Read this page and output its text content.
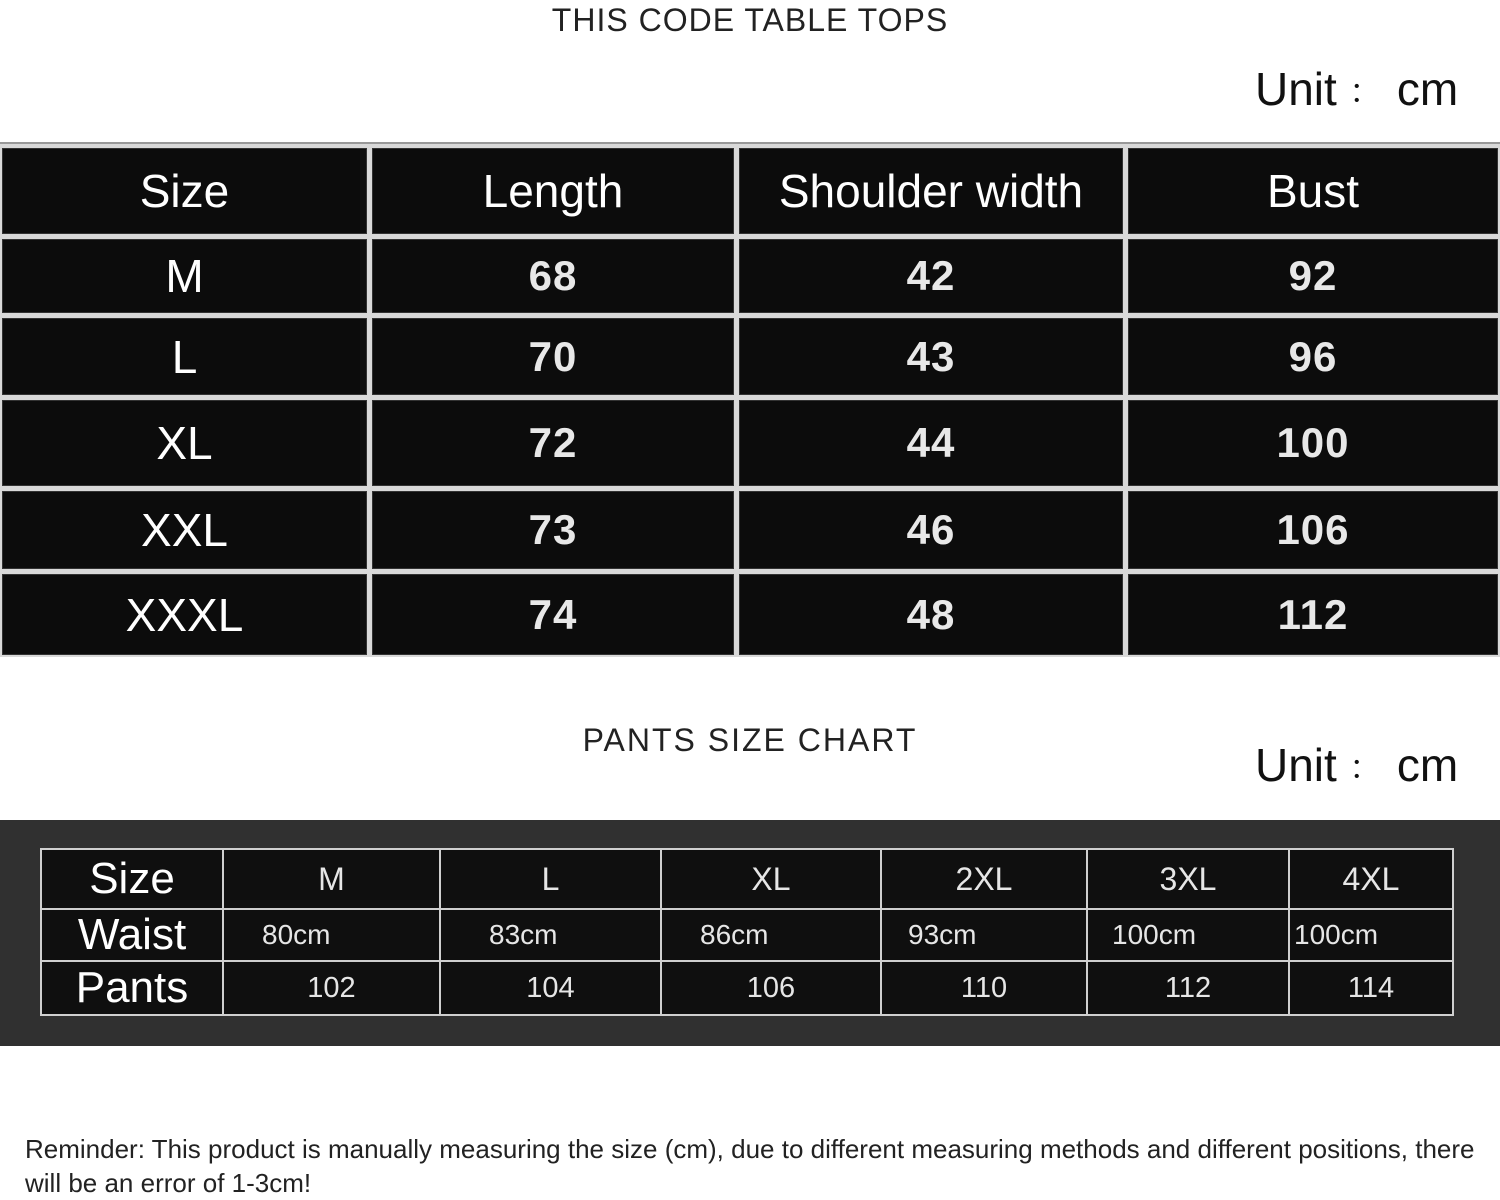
THIS CODE TABLE TOPS
Unit ： cm
Size	Length	Shoulder width	Bust
M	68	42	92
L	70	43	96
XL	72	44	100
XXL	73	46	106
XXXL	74	48	112
PANTS SIZE CHART	Unit ： cm
Size	M	L	XL	2XL	3XL	4XL
Waist	80cm	83cm	86cm	93cm	100cm	100cm
Pants	102	104	106	110	112	114
Reminder: This product is manually measuring the size (cm), due to different measuring methods and different positions, there will be an error of 1-3cm!
